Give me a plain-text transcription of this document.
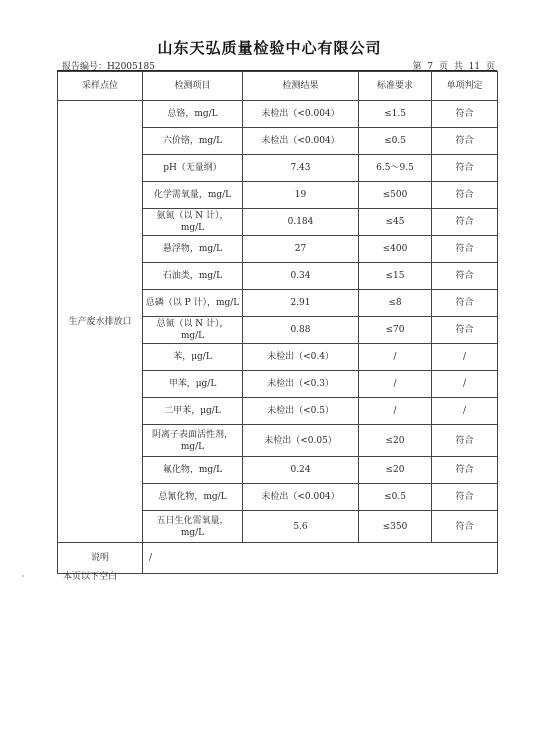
山东天弘质量检验中心有限公司
报告编号：H2005185	第 7 页 共 11 页
采样点位	检测项目	检测结果	标准要求	单项判定
生产废水排放口	总铬，mg/L	未检出（<0.004）	≤1.5	符合
	六价铬，mg/L	未检出（<0.004）	≤0.5	符合
	pH（无量纲）	7.43	6.5～9.5	符合
	化学需氧量，mg/L	19	≤500	符合
	氨氮（以 N 计），mg/L	0.184	≤45	符合
	悬浮物，mg/L	27	≤400	符合
	石油类，mg/L	0.34	≤15	符合
	总磷（以 P 计），mg/L	2.91	≤8	符合
	总氮（以 N 计），mg/L	0.88	≤70	符合
	苯，μg/L	未检出（<0.4）	/	/
	甲苯，μg/L	未检出（<0.3）	/	/
	二甲苯，μg/L	未检出（<0.5）	/	/
	阴离子表面活性剂，mg/L	未检出（<0.05）	≤20	符合
	氟化物，mg/L	0.24	≤20	符合
	总氰化物，mg/L	未检出（<0.004）	≤0.5	符合
	五日生化需氧量，mg/L	5.6	≤350	符合
说明	/			
本页以下空白
